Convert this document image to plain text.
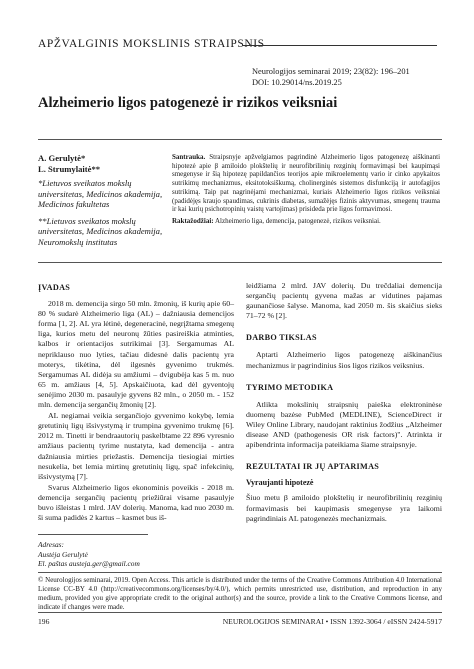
APŽVALGINIS MOKSLINIS STRAIPSNIS
Neurologijos seminarai 2019; 23(82): 196–201
DOI: 10.29014/ns.2019.25
Alzheimerio ligos patogenezė ir rizikos veiksniai
A. Gerulytė*
L. Strumylaitė**
*Lietuvos sveikatos mokslų universitetas, Medicinos akademija, Medicinos fakultetas
**Lietuvos sveikatos mokslų universitetas, Medicinos akademija, Neuromokslų institutas
Santrauka. Straipsnyje apžvelgiamos pagrindinė Alzheimerio ligos patogenezę aiškinanti hipotezė apie β amiloido plokštelių ir neurofibrilinių rezginių formavimąsi bei kaupimąsi smegenyse ir šią hipotezę papildančios teorijos apie mikroelementų vario ir cinko apykaitos sutrikimų mechanizmus, eksitotoksiškumą, cholinerginės sistemos disfunkciją ir autofagijos sutrikimą. Taip pat nagrinėjami mechanizmai, kuriais Alzheimerio ligos rizikos veiksniai (padidėjęs kraujo spaudimas, cukrinis diabetas, sumažėjęs fizinis aktyvumas, smegenų trauma ir kai kurių psichotropinių vaistų vartojimas) prisideda prie ligos formavimosi.
Raktažodžiai: Alzheimerio liga, demencija, patogenezė, rizikos veiksniai.
ĮVADAS

2018 m. demencija sirgo 50 mln. žmonių, iš kurių apie 60–80 % sudarė Alzheimerio liga (AL) – dažniausia demencijos forma [1, 2]. AL yra lėtinė, degeneracinė, negrįžtama smegenų liga, kurios metu del neuronų žūties pasireiškia atminties, kalbos ir orientacijos sutrikimai [3]. Sergamumas AL nepriklauso nuo lyties, tačiau didesnė dalis pacientų yra moterys, tikėtina, dėl ilgesnės gyvenimo trukmės. Sergamumas AL didėja su amžiumi – dvigubėja kas 5 m. nuo 65 m. amžiaus [4, 5]. Apskaičiuota, kad dėl gyventojų senėjimo 2030 m. pasaulyje gyvens 82 mln., o 2050 m. - 152 mln. demencija sergančių žmonių [2].

AL negiamai veikia sergančiojo gyvenimo kokybę, lemia gretutinių ligų išsivystymą ir trumpina gyvenimo trukmę [6]. 2012 m. Tinetti ir bendraautorių paskelbtame 22 896 vyresnio amžiaus pacientų tyrime nustatyta, kad demencija - antra dažniausia mirties priežastis. Demencija tiesiogiai mirties nesukelia, bet lemia mirtinų gretutinių ligų, spač infekcinių, išsivystymą [7].

Svarus Alzheimerio ligos ekonominis poveikis - 2018 m. demencija sergančių pacientų priežiūrai visame pasaulyje buvo išleistas 1 mlrd. JAV dolerių. Manoma, kad nuo 2030 m. ši suma padidės 2 kartus – kasmet bus iš-

Adresas:
Austėja Gerulytė
El. paštas austeja.ger@gmail.com

leidžiama 2 mlrd. JAV dolerių. Du trečdaliai demencija sergančių pacientų gyvena mažas ar vidutines pajamas gaunančiose šalyse. Manoma, kad 2050 m. šis skaičius sieks 71–72 % [2].

DARBO TIKSLAS

Aptarti Alzheimerio ligos patogenezę aiškinančius mechanizmus ir pagrindinius šios ligos rizikos veiksnius.

TYRIMO METODIKA

Atlikta mokslinių straipsnių paieška elektroninėse duomenų bazėse PubMed (MEDLINE), ScienceDirect ir Wiley Online Library, naudojant raktinius žodžius „Alzheimer disease AND (pathogenesis OR risk factors)". Atrinkta ir apibendrinta informacija pateikiama šiame straipsnyje.

REZULTATAI IR JŲ APTARIMAS
Vyraujanti hipotezė

Šiuo metu β amiloido plokštelių ir neurofibrilinių rezginių formavimasis bei kaupimasis smegenyse yra laikomi pagrindiniais AL patogenezės mechanizmais.

© Neurologijos seminarai, 2019. Open Access. This article is distributed under the terms of the Creative Commons Attribution 4.0 International License CC-BY 4.0 (http://creativecommons.org/licenses/by/4.0/), which permits unrestricted use, distribution, and reproduction in any medium, provided you give appropriate credit to the original author(s) and the source, provide a link to the Creative Commons license, and indicate if changes were made.
196	NEUROLOGIJOS SEMINARAI • ISSN 1392-3064 / eISSN 2424-5917
